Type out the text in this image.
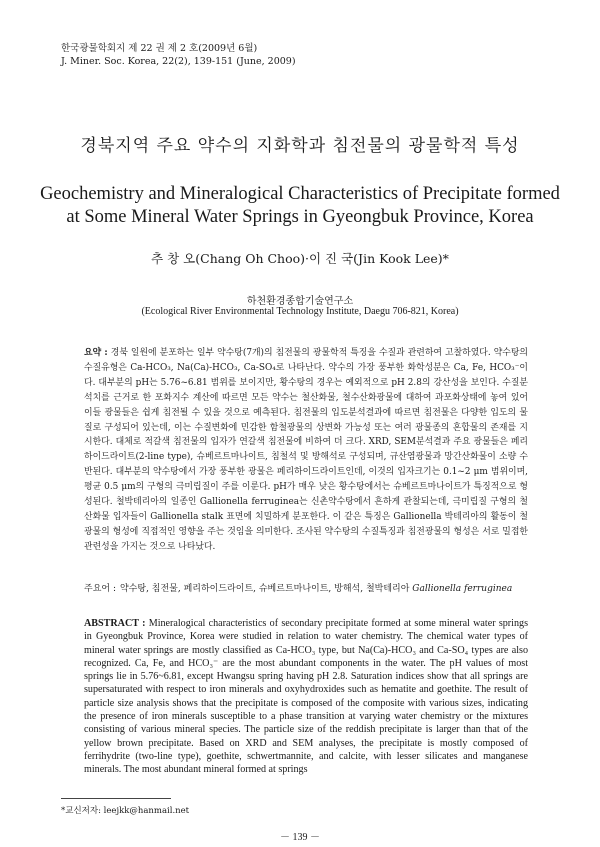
한국광물학회지 제 22 권 제 2 호(2009년 6월)
J. Miner. Soc. Korea, 22(2), 139-151 (June, 2009)
경북지역 주요 약수의 지화학과 침전물의 광물학적 특성
Geochemistry and Mineralogical Characteristics of Precipitate formed at Some Mineral Water Springs in Gyeongbuk Province, Korea
추 창 오(Chang Oh Choo)·이 진 국(Jin Kook Lee)*
하천환경종합기술연구소
(Ecological River Environmental Technology Institute, Daegu 706-821, Korea)
요약 : 경북 일원에 분포하는 일부 약수탕(7개)의 침전물의 광물학적 특징을 수질과 관련하여 고찰하였다. 약수탕의 수질유형은 Ca-HCO₃, Na(Ca)-HCO₃, Ca-SO₄로 나타난다. 약수의 가장 풍부한 화학성분은 Ca, Fe, HCO₃⁻이다. 대부분의 pH는 5.76~6.81 범위를 보이지만, 황수탕의 경우는 예외적으로 pH 2.8의 강산성을 보인다. 수질분석치를 근거로 한 포화지수 계산에 따르면 모든 약수는 철산화물, 철수산화광물에 대하여 과포화상태에 놓여 있어 이들 광물들은 쉽게 침전될 수 있을 것으로 예측된다. 침전물의 입도분석결과에 따르면 침전물은 다양한 입도의 물질로 구성되어 있는데, 이는 수질변화에 민감한 함철광물의 상변화 가능성 또는 여러 광물종의 혼합물의 존재를 지시한다. 대체로 적갈색 침전물의 입자가 연갈색 침전물에 비하여 더 크다. XRD, SEM분석결과 주요 광물들은 페리하이드라이트(2-line type), 슈베르트마나이트, 침철석 및 방해석로 구성되며, 규산염광물과 망간산화물이 소량 수반된다. 대부분의 약수탕에서 가장 풍부한 광물은 페리하이드라이트인데, 이것의 입자크기는 0.1~2 μm 범위이며, 평균 0.5 μm의 구형의 극미립질이 주를 이룬다. pH가 매우 낮은 황수탕에서는 슈베르트마나이트가 특징적으로 형성된다. 철박테리아의 일종인 Gallionella ferruginea는 신촌약수탕에서 흔하게 관찰되는데, 극미립질 구형의 철산화물 입자들이 Gallionella stalk 표면에 치밀하게 분포한다. 이 같은 특징은 Gallionella 박테리아의 활동이 철광물의 형성에 직접적인 영향을 주는 것임을 의미한다. 조사된 약수탕의 수질특징과 침전광물의 형성은 서로 밀접한 관련성을 가지는 것으로 나타났다.
주요어 : 약수탕, 침전물, 페리하이드라이트, 슈베르트마나이트, 방해석, 철박테리아 Gallionella ferruginea
ABSTRACT : Mineralogical characteristics of secondary precipitate formed at some mineral water springs in Gyeongbuk Province, Korea were studied in relation to water chemistry. The chemical water types of mineral water springs are mostly classified as Ca-HCO₃ type, but Na(Ca)-HCO₃ and Ca-SO₄ types are also recognized. Ca, Fe, and HCO₃⁻ are the most abundant components in the water. The pH values of most springs lie in 5.76~6.81, except Hwangsu spring having pH 2.8. Saturation indices show that all springs are supersaturated with respect to iron minerals and oxyhydroxides such as hematite and goethite. The result of particle size analysis shows that the precipitate is composed of the composite with various sizes, indicating the presence of iron minerals susceptible to a phase transition at varying water chemistry or the mixtures consisting of various mineral species. The particle size of the reddish precipitate is larger than that of the yellow brown precipitate. Based on XRD and SEM analyses, the precipitate is mostly composed of ferrihydrite (two-line type), goethite, schwertmannite, and calcite, with lesser silicates and manganese minerals. The most abundant mineral formed at springs
*교신저자: leejkk@hanmail.net
－ 139 －
